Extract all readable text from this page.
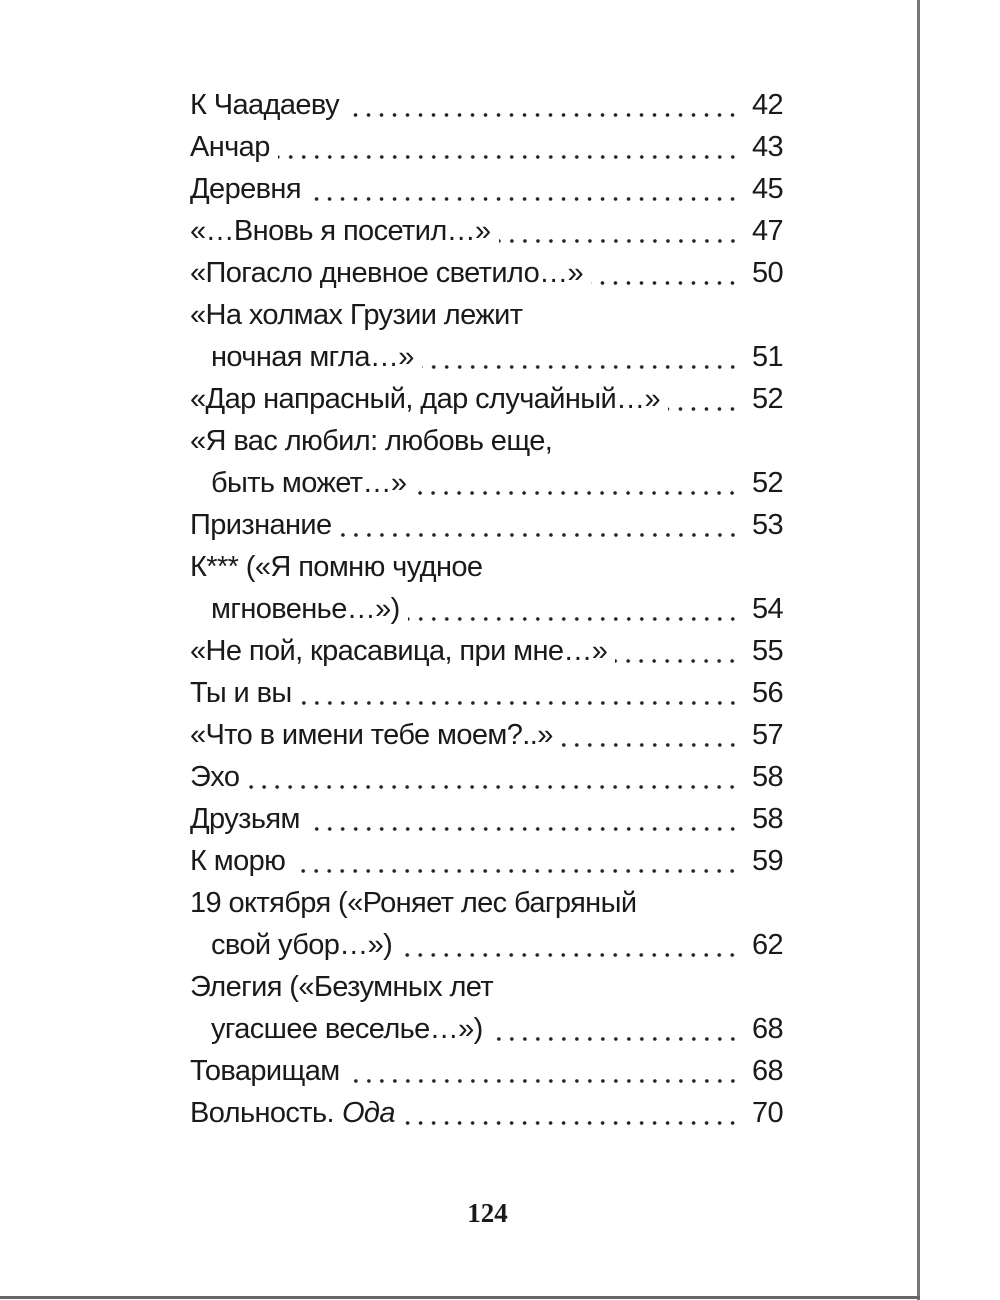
К Чаадаеву	42
Анчар	43
Деревня	45
«…Вновь я посетил…»	47
«Погасло дневное светило…»	50
«На холмах Грузии лежит
ночная мгла…»	51
«Дар напрасный, дар случайный…»	52
«Я вас любил: любовь еще,
быть может…»	52
Признание	53
К*** («Я помню чудное
мгновенье…»)	54
«Не пой, красавица, при мне…»	55
Ты и вы	56
«Что в имени тебе моем?..»	57
Эхо	58
Друзьям	58
К морю	59
19 октября («Роняет лес багряный
свой убор…»)	62
Элегия («Безумных лет
угасшее веселье…»)	68
Товарищам	68
Вольность. Ода	70
124
